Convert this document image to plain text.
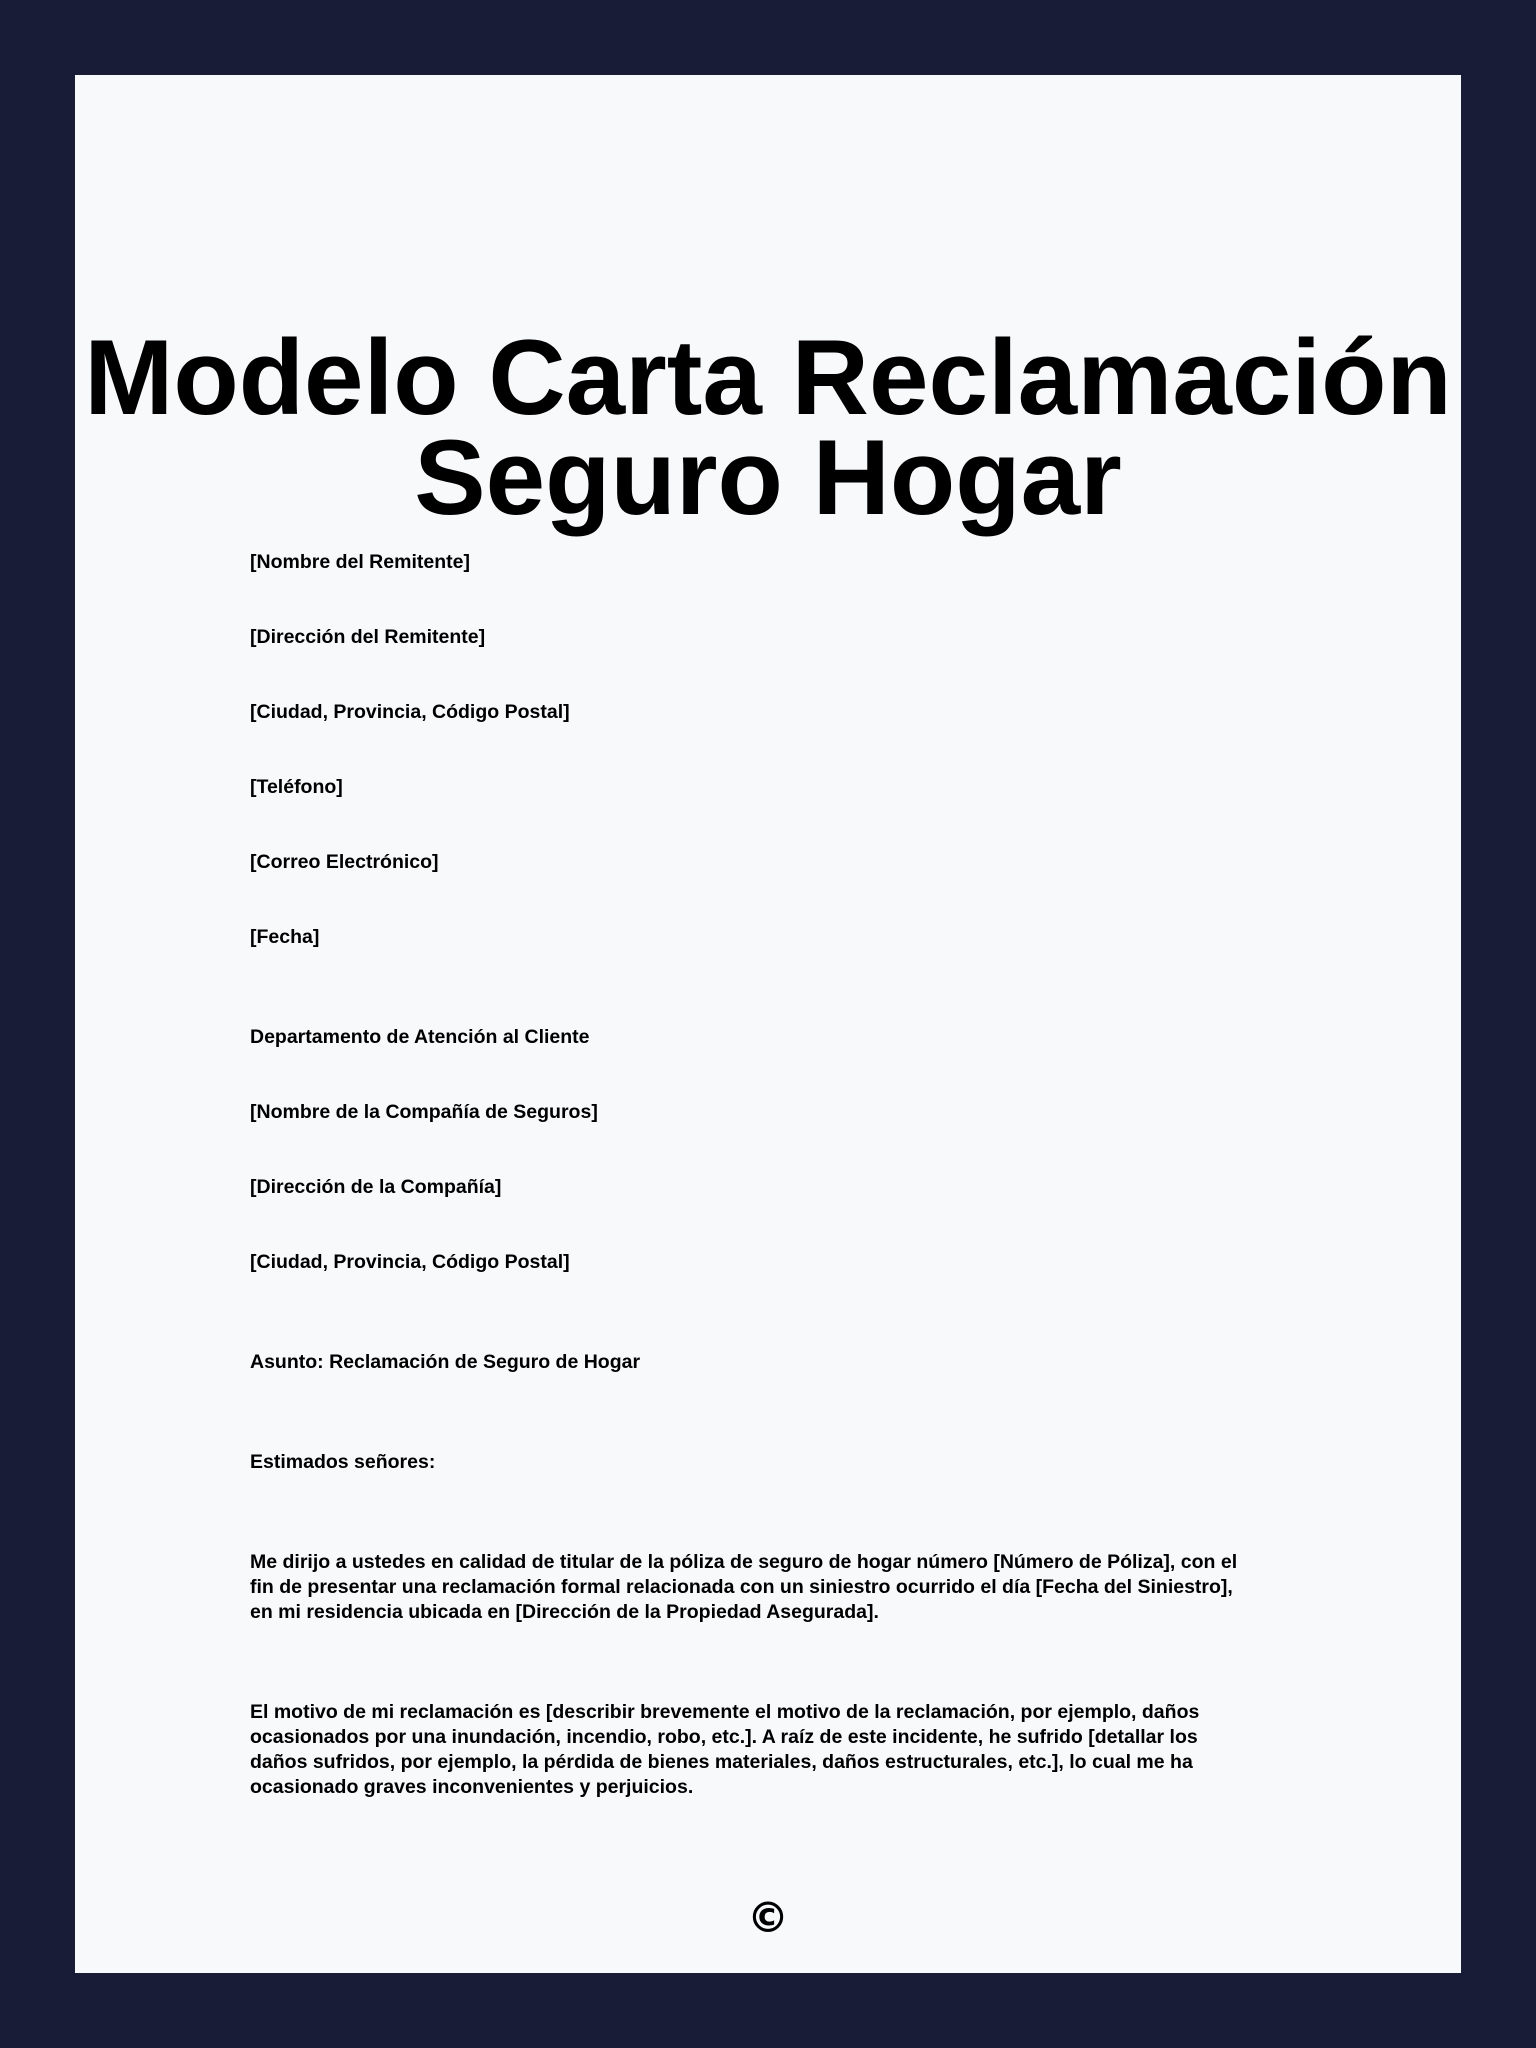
Modelo Carta Reclamación
Seguro Hogar

[Nombre del Remitente]

[Dirección del Remitente]

[Ciudad, Provincia, Código Postal]

[Teléfono]

[Correo Electrónico]

[Fecha]

Departamento de Atención al Cliente

[Nombre de la Compañía de Seguros]

[Dirección de la Compañía]

[Ciudad, Provincia, Código Postal]

Asunto: Reclamación de Seguro de Hogar

Estimados señores:

Me dirijo a ustedes en calidad de titular de la póliza de seguro de hogar número [Número de Póliza], con el
fin de presentar una reclamación formal relacionada con un siniestro ocurrido el día [Fecha del Siniestro],
en mi residencia ubicada en [Dirección de la Propiedad Asegurada].
El motivo de mi reclamación es [describir brevemente el motivo de la reclamación, por ejemplo, daños
ocasionados por una inundación, incendio, robo, etc.]. A raíz de este incidente, he sufrido [detallar los
daños sufridos, por ejemplo, la pérdida de bienes materiales, daños estructurales, etc.], lo cual me ha
ocasionado graves inconvenientes y perjuicios.
©
